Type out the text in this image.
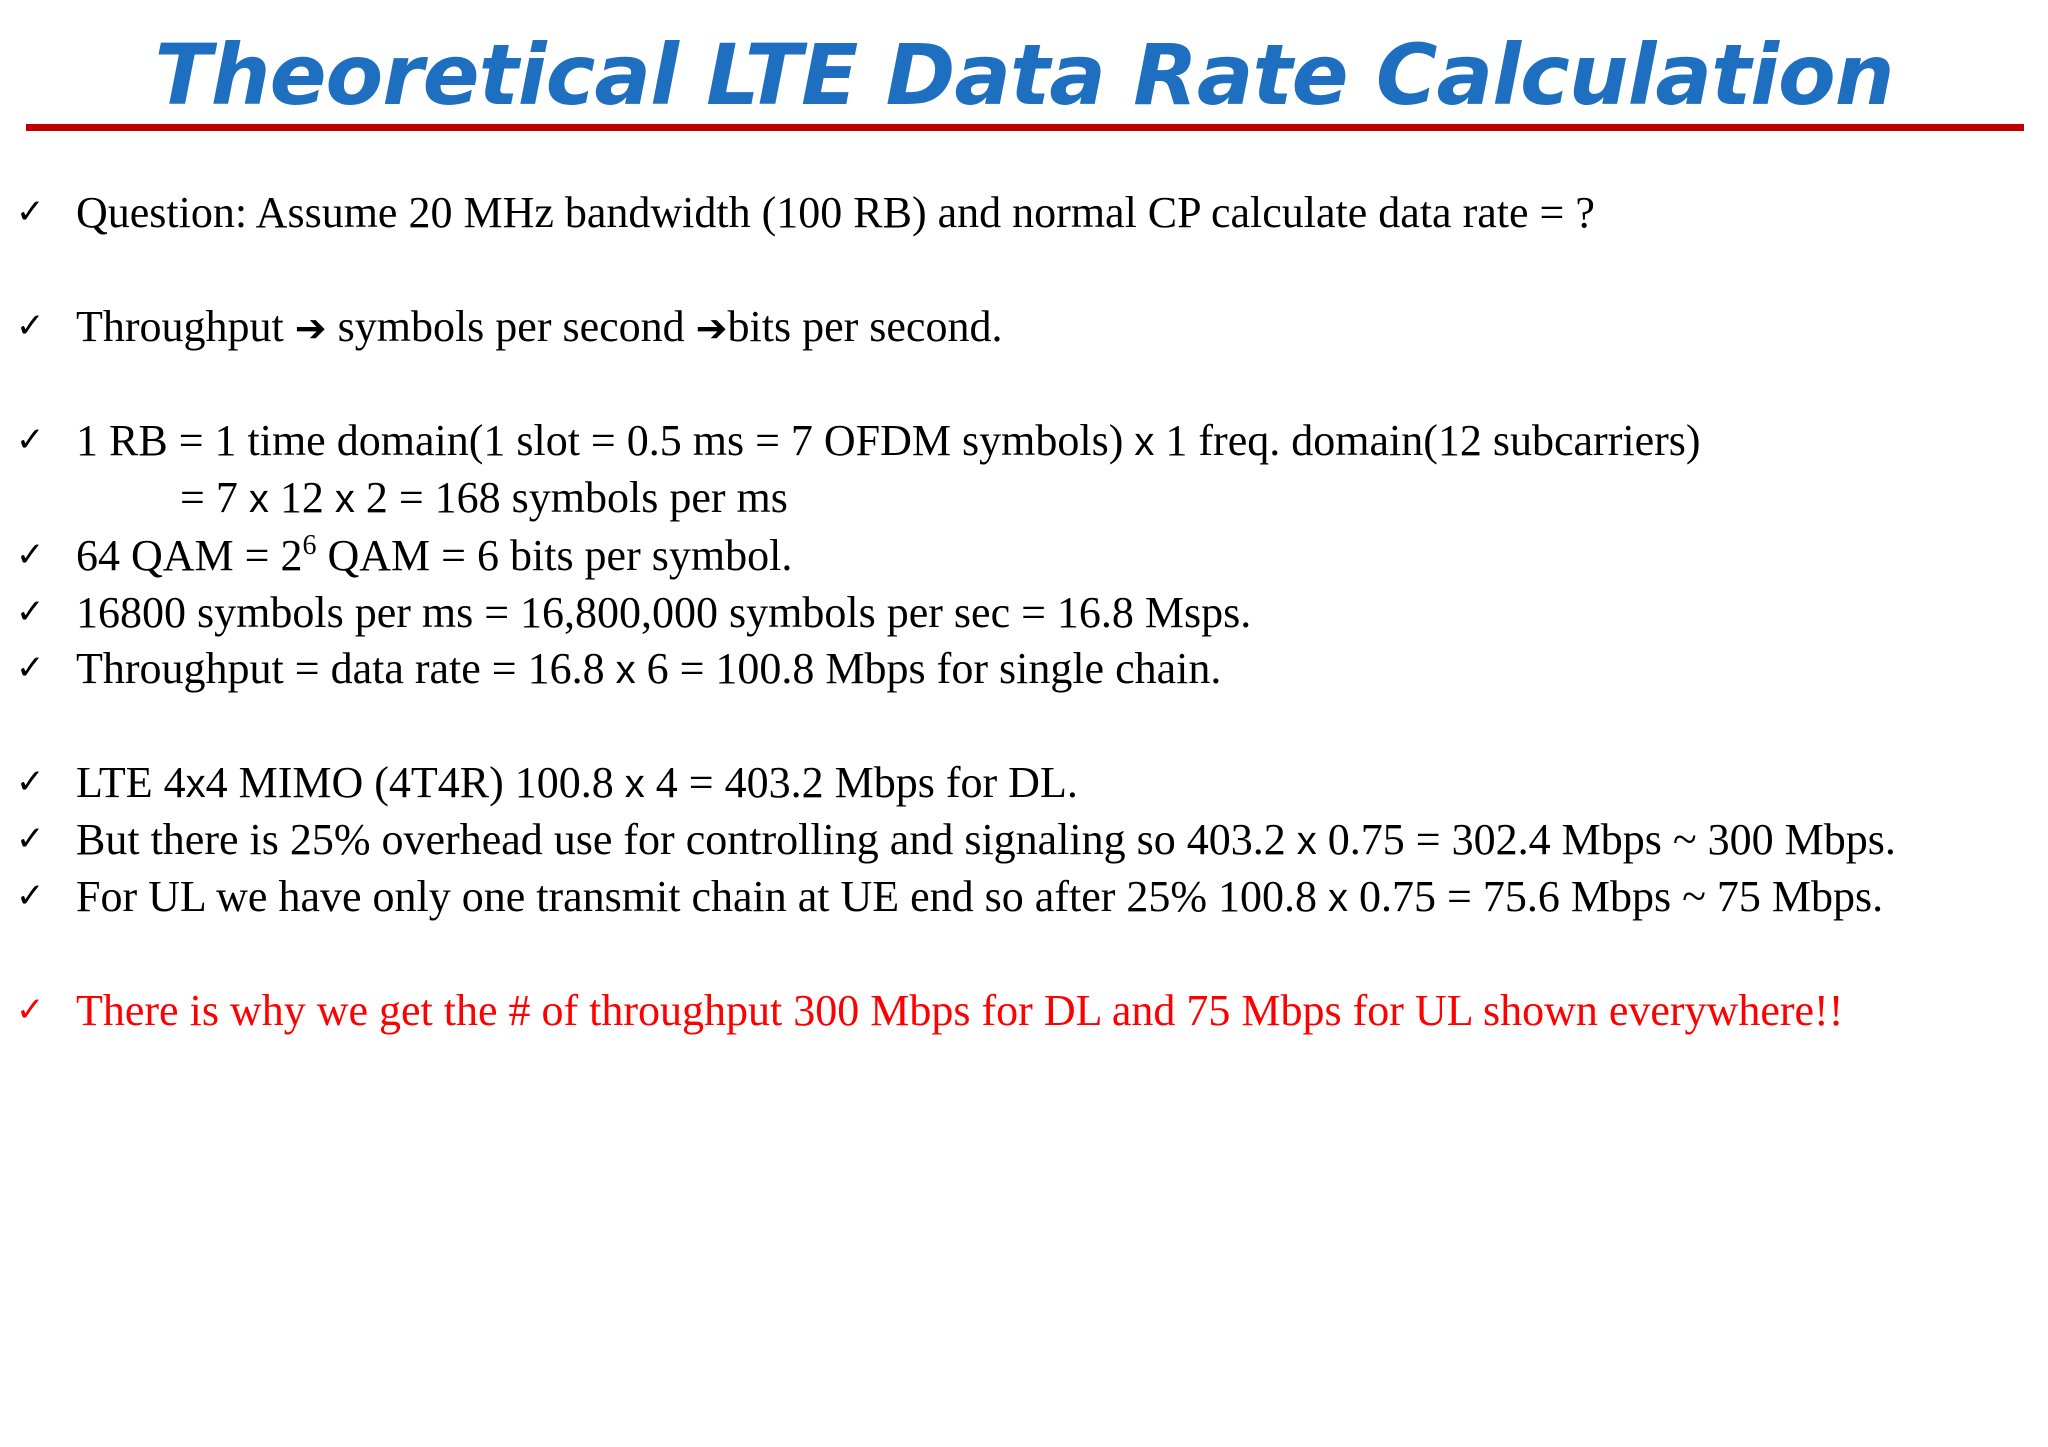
Theoretical LTE Data Rate Calculation
✓ Question: Assume 20 MHz bandwidth (100 RB) and normal CP calculate data rate = ?
✓ Throughput ➔ symbols per second ➔bits per second.
✓ 1 RB = 1 time domain(1 slot = 0.5 ms = 7 OFDM symbols) x 1 freq. domain(12 subcarriers)
= 7 x 12 x 2 = 168 symbols per ms
✓ 64 QAM = $2^6$ QAM = 6 bits per symbol.
✓ 16800 symbols per ms = 16,800,000 symbols per sec = 16.8 Msps.
✓ Throughput = data rate = 16.8 x 6 = 100.8 Mbps for single chain.
✓ LTE 4x4 MIMO (4T4R) 100.8 x 4 = 403.2 Mbps for DL.
✓ But there is 25% overhead use for controlling and signaling so 403.2 x 0.75 = 302.4 Mbps ~ 300 Mbps.
✓ For UL we have only one transmit chain at UE end so after 25% 100.8 x 0.75 = 75.6 Mbps ~ 75 Mbps.
✓ There is why we get the # of throughput 300 Mbps for DL and 75 Mbps for UL shown everywhere!!
